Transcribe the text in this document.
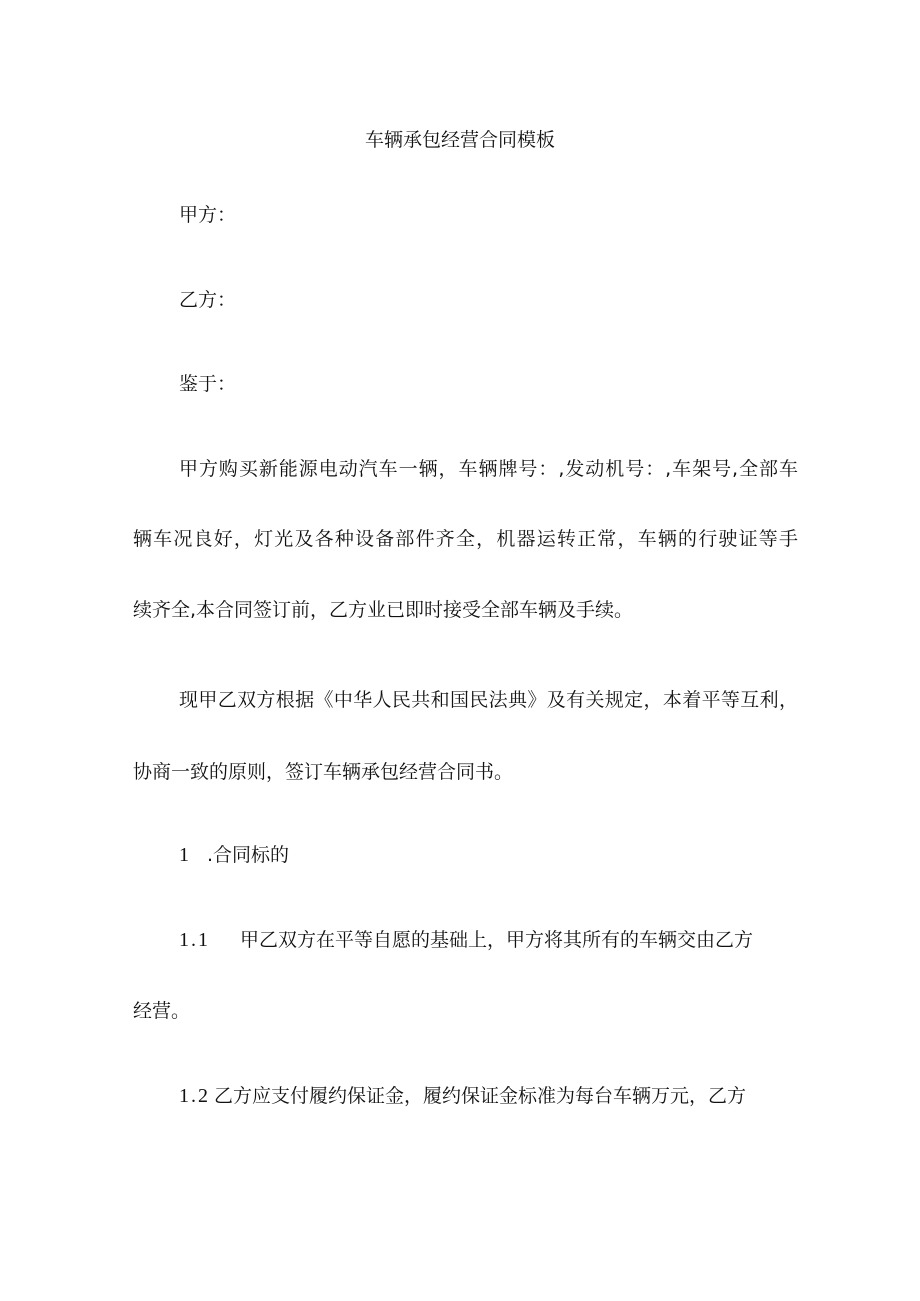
车辆承包经营合同模板
甲方：
乙方：
鉴于：
甲方购买新能源电动汽车一辆，车辆牌号：,发动机号：,车架号,全部车
辆车况良好，灯光及各种设备部件齐全，机器运转正常，车辆的行驶证等手
续齐全,本合同签订前，乙方业已即时接受全部车辆及手续。
现甲乙双方根据《中华人民共和国民法典》及有关规定，本着平等互利，
协商一致的原则，签订车辆承包经营合同书。
1 .合同标的
1.1 甲乙双方在平等自愿的基础上，甲方将其所有的车辆交由乙方
经营。
1.2 乙方应支付履约保证金，履约保证金标准为每台车辆万元，乙方
